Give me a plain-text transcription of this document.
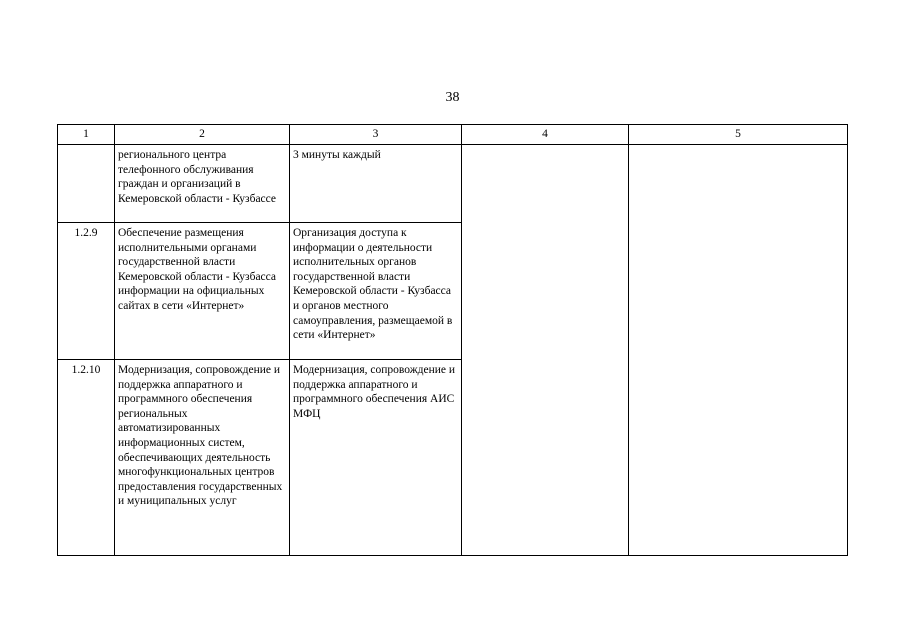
38
1	2	3	4	5
	регионального центра телефонного обслуживания граждан и организаций в Кемеровской области - Кузбассе	3 минуты каждый		
1.2.9	Обеспечение размещения исполнительными органами государственной власти Кемеровской области - Кузбасса информации на официальных сайтах в сети «Интернет»	Организация доступа к информации о деятельности исполнительных органов государственной власти Кемеровской области - Кузбасса и органов местного самоуправления, размещаемой в сети «Интернет»		
1.2.10	Модернизация, сопровождение и поддержка аппаратного и программного обеспечения региональных автоматизированных информационных систем, обеспечивающих деятельность многофункциональных центров предоставления государственных и муниципальных услуг	Модернизация, сопровождение и поддержка аппаратного и программного обеспечения АИС МФЦ		
